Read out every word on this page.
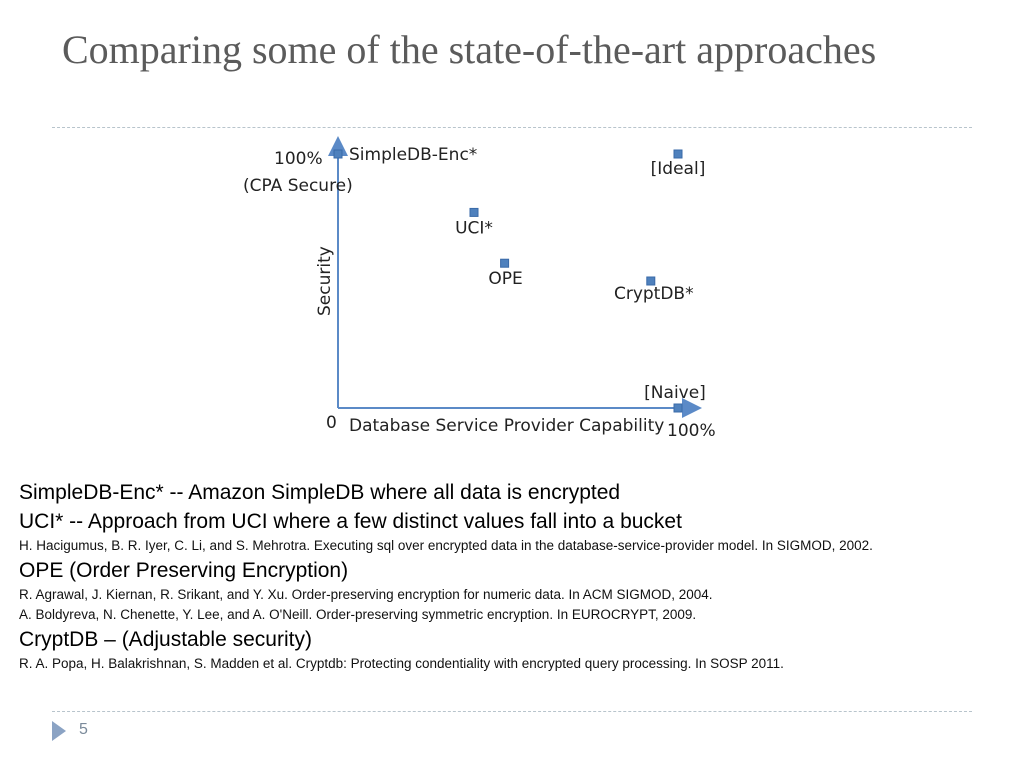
Comparing some of the state-of-the-art approaches
SimpleDB-Enc*
[Ideal]
UCI*
OPE
CryptDB*
[Naive]
100%
(CPA Secure)
Security
0 Database Service Provider Capability 100%
SimpleDB-Enc* -- Amazon SimpleDB where all data is encrypted
UCI* -- Approach from UCI where a few distinct values fall into a bucket
H. Hacigumus, B. R. Iyer, C. Li, and S. Mehrotra. Executing sql over encrypted data in the database-service-provider model. In SIGMOD, 2002.
OPE (Order Preserving Encryption)
R. Agrawal, J. Kiernan, R. Srikant, and Y. Xu. Order-preserving encryption for numeric data. In ACM SIGMOD, 2004.
A. Boldyreva, N. Chenette, Y. Lee, and A. O'Neill. Order-preserving symmetric encryption. In EUROCRYPT, 2009.
CryptDB – (Adjustable security)
R. A. Popa, H. Balakrishnan, S. Madden et al. Cryptdb: Protecting condentiality with encrypted query processing. In SOSP 2011.
5
